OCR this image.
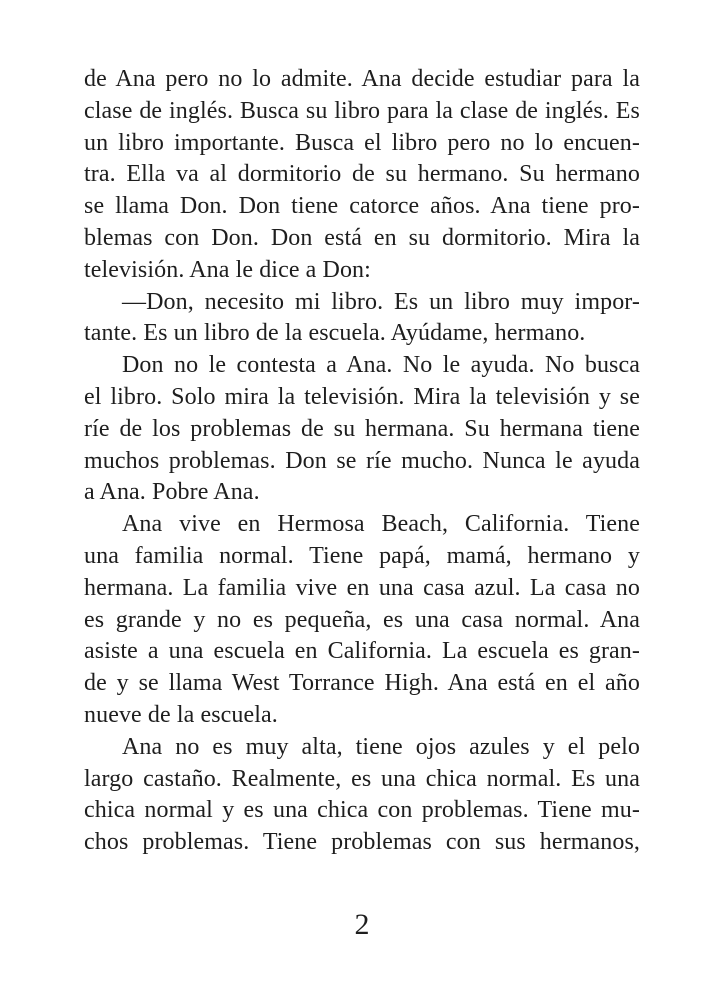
de Ana pero no lo admite. Ana decide estudiar para la
clase de inglés. Busca su libro para la clase de inglés. Es
un libro importante. Busca el libro pero no lo encuen-
tra. Ella va al dormitorio de su hermano. Su hermano
se llama Don. Don tiene catorce años. Ana tiene pro-
blemas con Don. Don está en su dormitorio. Mira la
televisión. Ana le dice a Don:
—Don, necesito mi libro. Es un libro muy impor-
tante. Es un libro de la escuela. Ayúdame, hermano.
Don no le contesta a Ana. No le ayuda. No busca
el libro. Solo mira la televisión. Mira la televisión y se
ríe de los problemas de su hermana. Su hermana tiene
muchos problemas. Don se ríe mucho. Nunca le ayuda
a Ana. Pobre Ana.
Ana vive en Hermosa Beach, California. Tiene
una familia normal. Tiene papá, mamá, hermano y
hermana. La familia vive en una casa azul. La casa no
es grande y no es pequeña, es una casa normal. Ana
asiste a una escuela en California. La escuela es gran-
de y se llama West Torrance High. Ana está en el año
nueve de la escuela.
Ana no es muy alta, tiene ojos azules y el pelo
largo castaño. Realmente, es una chica normal. Es una
chica normal y es una chica con problemas. Tiene mu-
chos problemas. Tiene problemas con sus hermanos,
2
